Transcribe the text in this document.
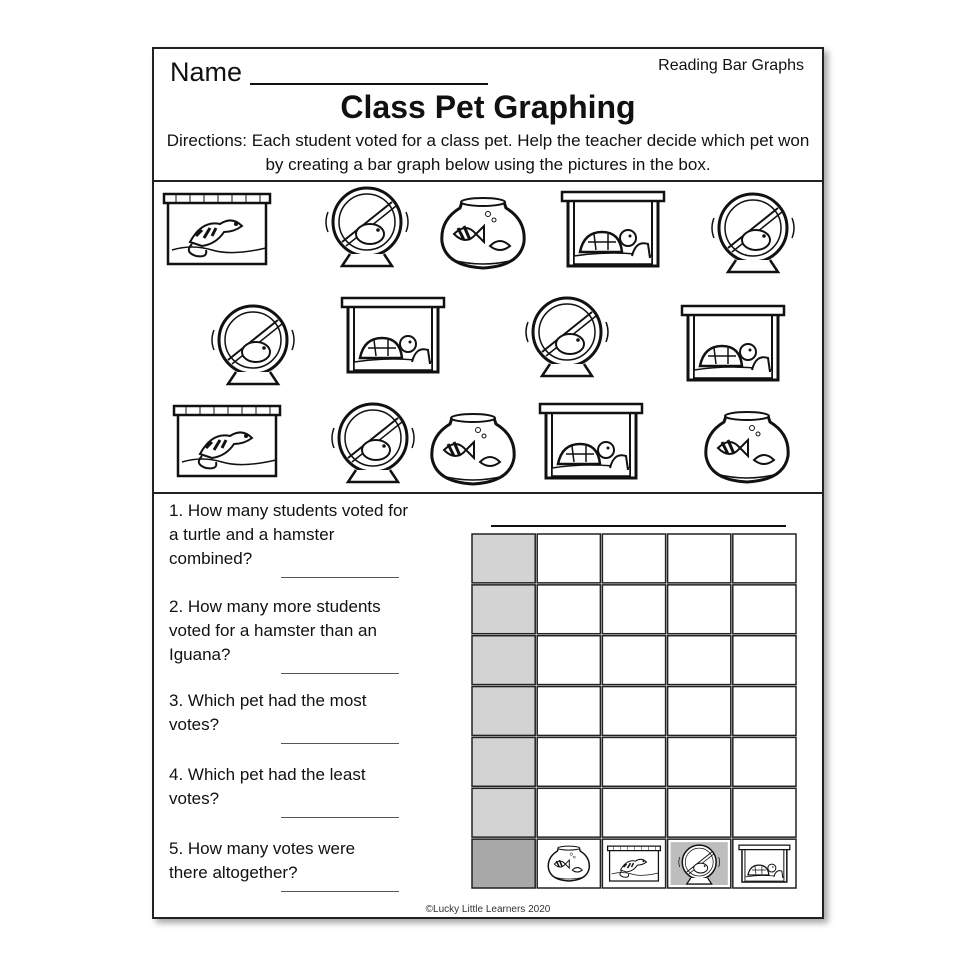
Name	Reading Bar Graphs
Class Pet Graphing
Directions: Each student voted for a class pet. Help the teacher decide which pet won by creating a bar graph below using the pictures in the box.
1. How many students voted for
a turtle and a hamster
combined?
2. How many more students
voted for a hamster than an
Iguana?
3. Which pet had the most
votes?
4. Which pet had the least
votes?
5. How many votes were
there altogether?
©Lucky Little Learners 2020
